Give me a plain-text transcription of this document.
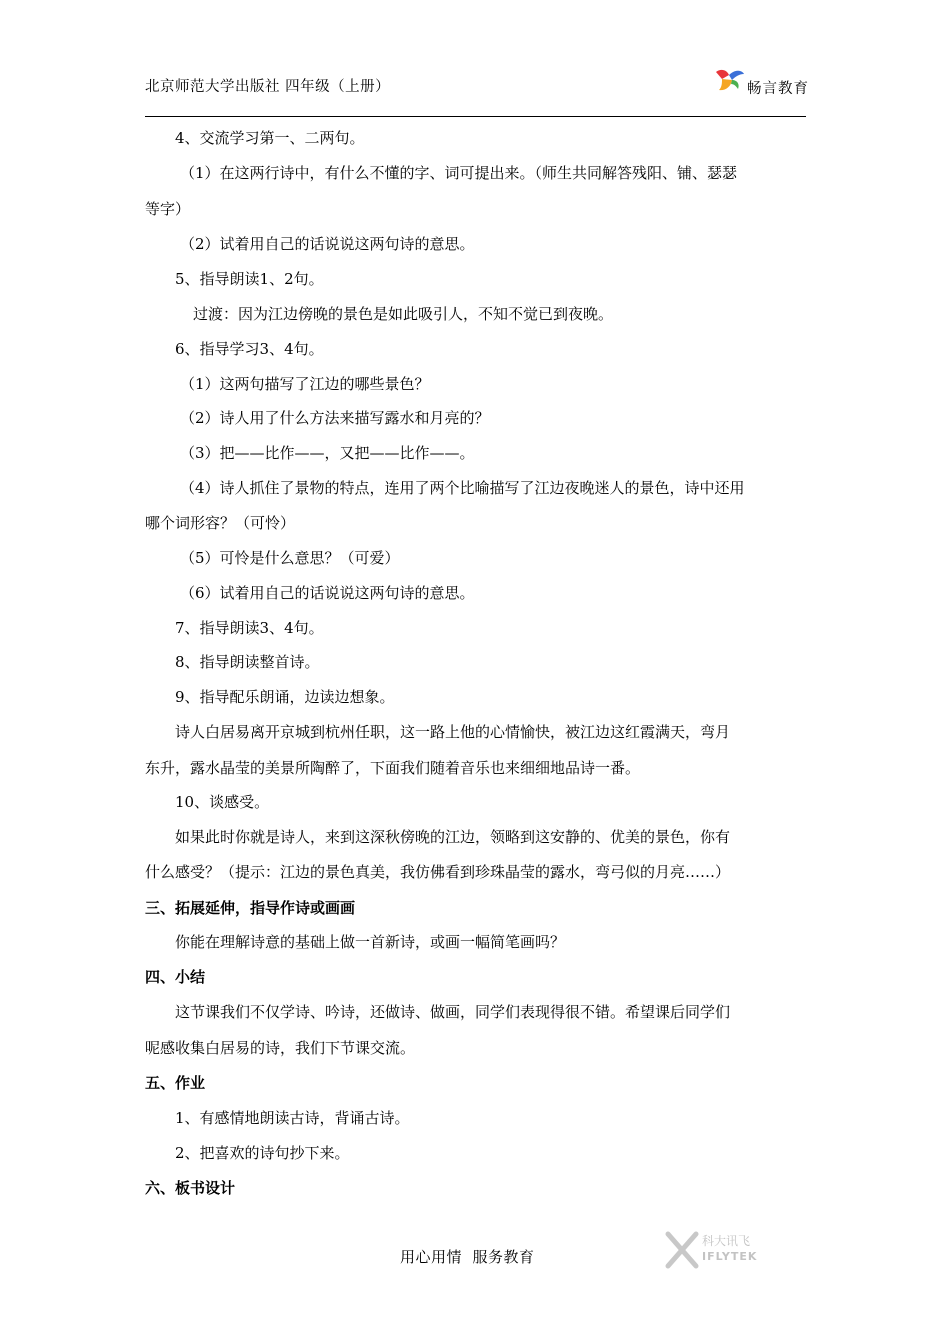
北京师范大学出版社 四年级（上册）	畅言教育
4、交流学习第一、二两句。
（1）在这两行诗中，有什么不懂的字、词可提出来。（师生共同解答残阳、铺、瑟瑟
等字）
（2）试着用自己的话说说这两句诗的意思。
5、指导朗读1、2句。
过渡：因为江边傍晚的景色是如此吸引人，不知不觉已到夜晚。
6、指导学习3、4句。
（1）这两句描写了江边的哪些景色？
（2）诗人用了什么方法来描写露水和月亮的？
（3）把——比作——，又把——比作——。
（4）诗人抓住了景物的特点，连用了两个比喻描写了江边夜晚迷人的景色，诗中还用
哪个词形容？（可怜）
（5）可怜是什么意思？（可爱）
（6）试着用自己的话说说这两句诗的意思。
7、指导朗读3、4句。
8、指导朗读整首诗。
9、指导配乐朗诵，边读边想象。
诗人白居易离开京城到杭州任职，这一路上他的心情愉快，被江边这红霞满天，弯月
东升，露水晶莹的美景所陶醉了，下面我们随着音乐也来细细地品诗一番。
10、谈感受。
如果此时你就是诗人，来到这深秋傍晚的江边，领略到这安静的、优美的景色，你有
什么感受？（提示：江边的景色真美，我仿佛看到珍珠晶莹的露水，弯弓似的月亮……）
三、拓展延伸，指导作诗或画画
你能在理解诗意的基础上做一首新诗，或画一幅简笔画吗？
四、小结
这节课我们不仅学诗、吟诗，还做诗、做画，同学们表现得很不错。希望课后同学们
呢感收集白居易的诗，我们下节课交流。
五、作业
1、有感情地朗读古诗，背诵古诗。
2、把喜欢的诗句抄下来。
六、板书设计
用心用情  服务教育
科大讯飞
IFLYTEK
